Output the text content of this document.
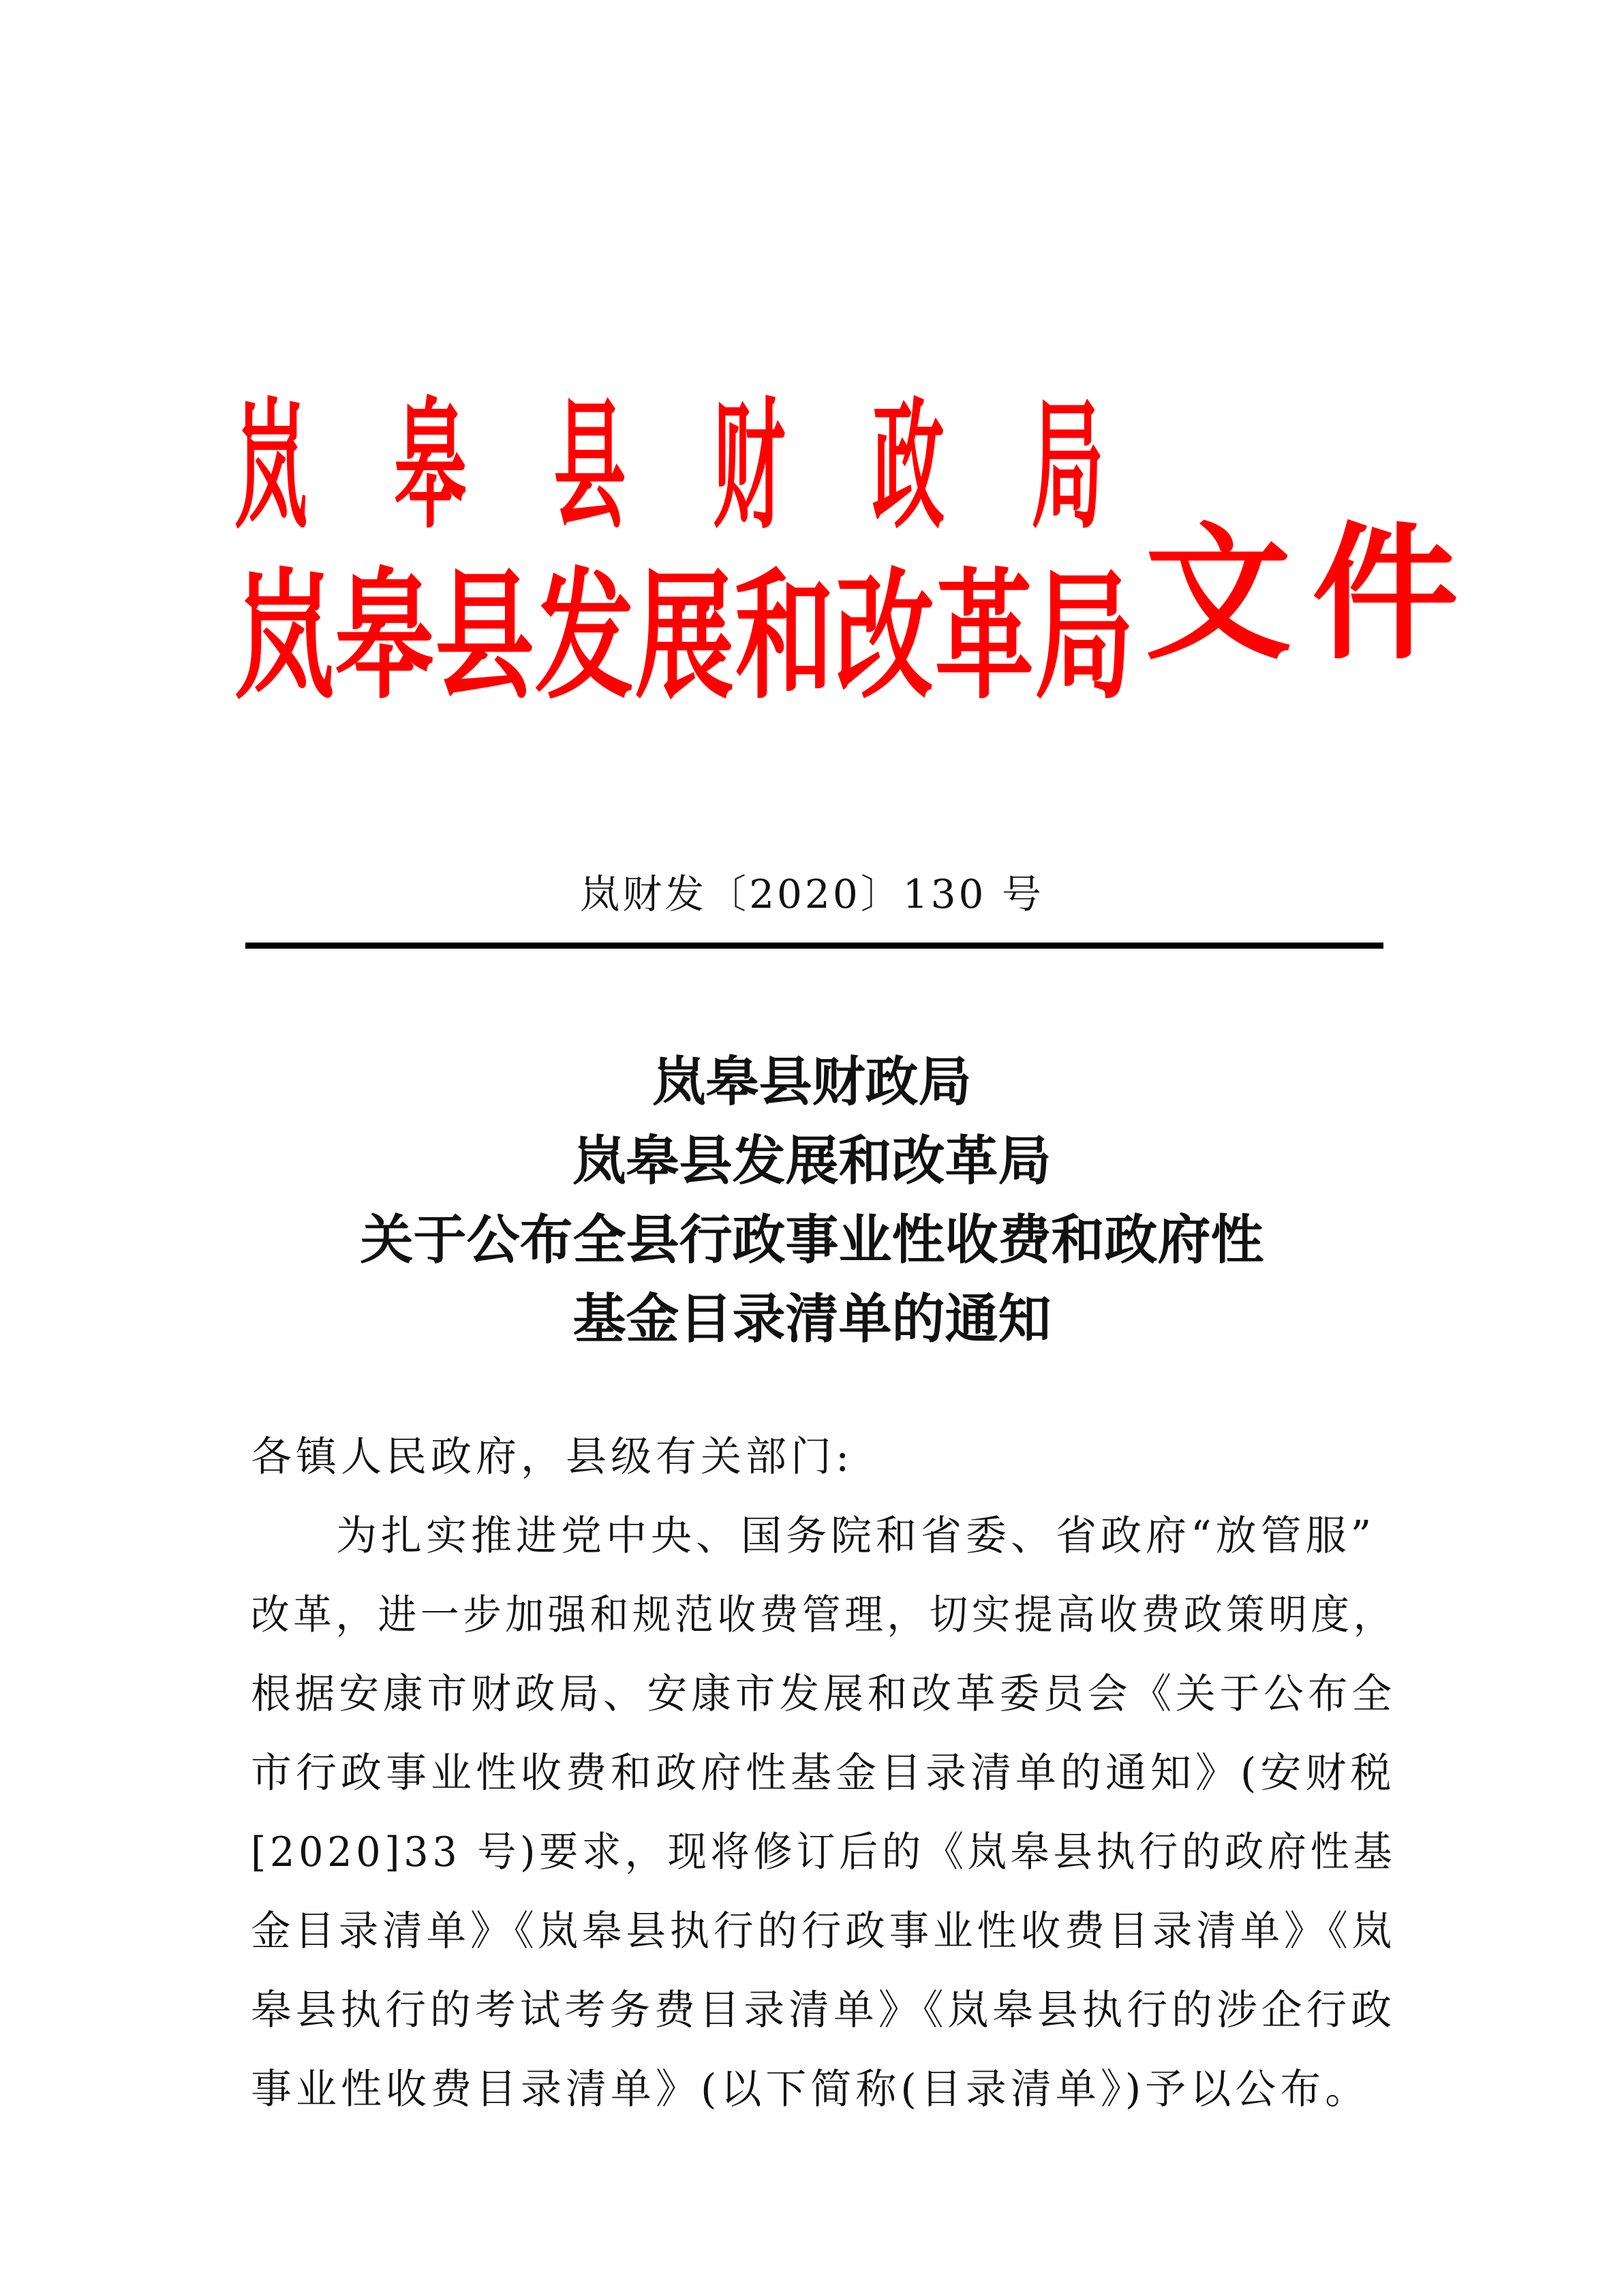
岚 皋 县 财 政 局
岚皋县发展和改革局 文件
岚财发〔2020〕130 号
岚皋县财政局
岚皋县发展和改革局
关于公布全县行政事业性收费和政府性
基金目录清单的通知
各镇人民政府，县级有关部门:
为扎实推进党中央、国务院和省委、省政府“放管服”
改革，进一步加强和规范收费管理，切实提高收费政策明度，
根据安康市财政局、安康市发展和改革委员会《关于公布全
市行政事业性收费和政府性基金目录清单的通知》(安财税
[2020]33 号)要求，现将修订后的《岚皋县执行的政府性基
金目录清单》《岚皋县执行的行政事业性收费目录清单》《岚
皋县执行的考试考务费目录清单》《岚皋县执行的涉企行政
事业性收费目录清单》(以下简称(目录清单》)予以公布。
